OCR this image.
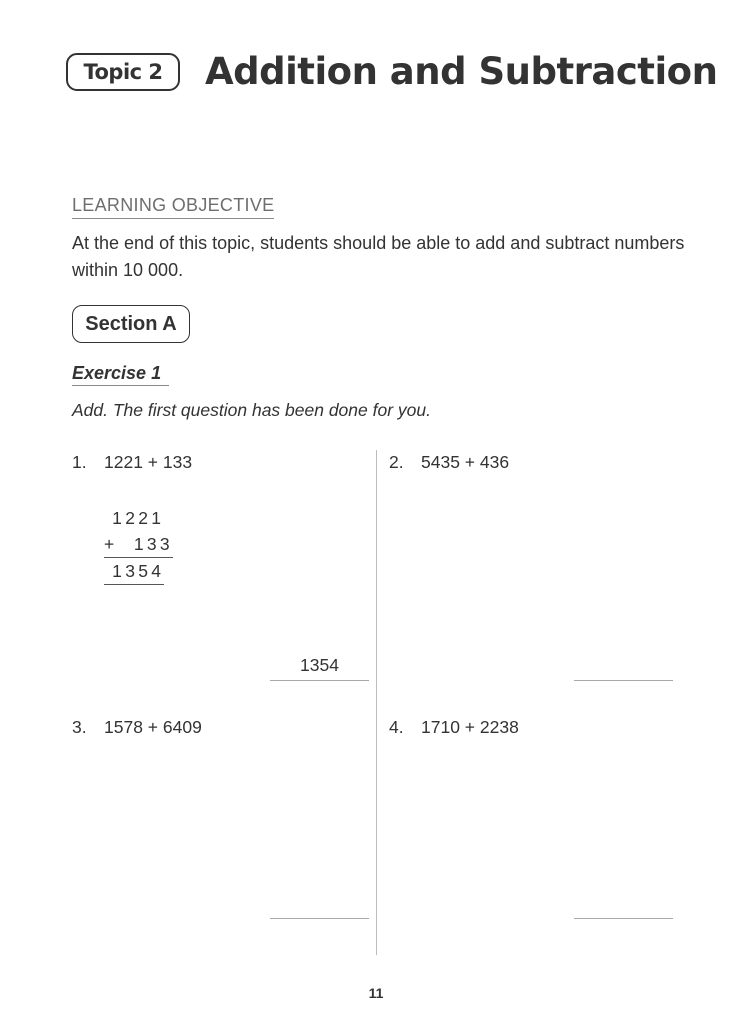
Topic 2	Addition and Subtraction
LEARNING OBJECTIVE
At the end of this topic, students should be able to add and subtract numbers within 10 000.
Section A
Exercise 1
Add. The first question has been done for you.
1. 1221 + 133
1221
+  133
1354
1354
2. 5435 + 436
3. 1578 + 6409	4. 1710 + 2238
11
